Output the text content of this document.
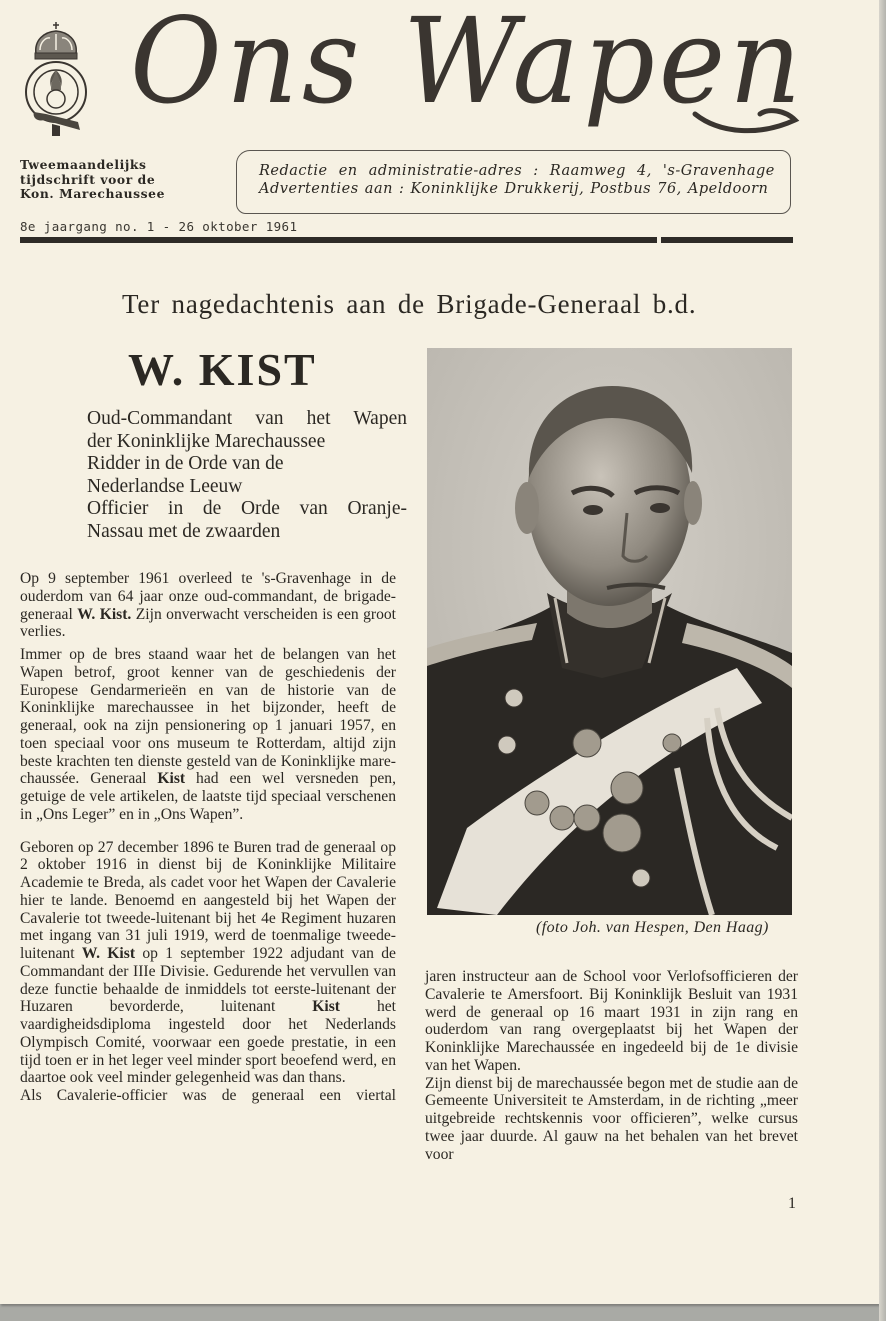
Ons Wapen
Tweemaandelijks
tijdschrift voor de
Kon. Marechaussee
Redactie en administratie-adres : Raamweg 4, 's-Gravenhage
Advertenties aan : Koninklijke Drukkerij, Postbus 76, Apeldoorn
8e jaargang no. 1 - 26 oktober 1961
Ter nagedachtenis aan de Brigade-Generaal b.d.
W. KIST
Oud-Commandant van het Wapen
der Koninklijke Marechaussee
Ridder in de Orde van de
Nederlandse Leeuw
Officier in de Orde van Oranje-
Nassau met de zwaarden

Op 9 september 1961 overleed te 's-Gravenhage in de ouderdom van 64 jaar onze oud-commandant, de brigade-generaal W. Kist. Zijn onverwacht verscheiden is een groot verlies.

Immer op de bres staand waar het de belangen van het Wapen betrof, groot kenner van de geschiedenis der Europese Gendarmerieën en van de historie van de Koninklijke marechaussee in het bijzonder, heeft de generaal, ook na zijn pensionering op 1 januari 1957, en toen speciaal voor ons museum te Rotterdam, altijd zijn beste krachten ten dienste gesteld van de Koninklijke marechaussée. Generaal Kist had een wel versneden pen, getuige de vele artikelen, de laatste tijd speciaal verschenen in „Ons Leger” en in „Ons Wapen”.

Geboren op 27 december 1896 te Buren trad de generaal op 2 oktober 1916 in dienst bij de Koninklijke Militaire Academie te Breda, als cadet voor het Wapen der Cavalerie hier te lande. Benoemd en aangesteld bij het Wapen der Cavalerie tot tweede-luitenant bij het 4e Regiment huzaren met ingang van 31 juli 1919, werd de toenmalige tweede-luitenant W. Kist op 1 september 1922 adjudant van de Commandant der IIIe Divisie. Gedurende het vervullen van deze functie behaalde de inmiddels tot eerste-luitenant der Huzaren bevorderde, luitenant Kist het vaardigheidsdiploma ingesteld door het Nederlands Olympisch Comité, voorwaar een goede prestatie, in een tijd toen er in het leger veel minder sport beoefend werd, en daartoe ook veel minder gelegenheid was dan thans.

Als Cavalerie-officier was de generaal een viertal

(foto Joh. van Hespen, Den Haag)

jaren instructeur aan de School voor Verlofsofficieren der Cavalerie te Amersfoort. Bij Koninklijk Besluit van 1931 werd de generaal op 16 maart 1931 in zijn rang en ouderdom van rang overgeplaatst bij het Wapen der Koninklijke Marechaussée en ingedeeld bij de 1e divisie van het Wapen.

Zijn dienst bij de marechaussée begon met de studie aan de Gemeente Universiteit te Amsterdam, in de richting „meer uitgebreide rechtskennis voor officieren”, welke cursus twee jaar duurde. Al gauw na het behalen van het brevet voor

1
